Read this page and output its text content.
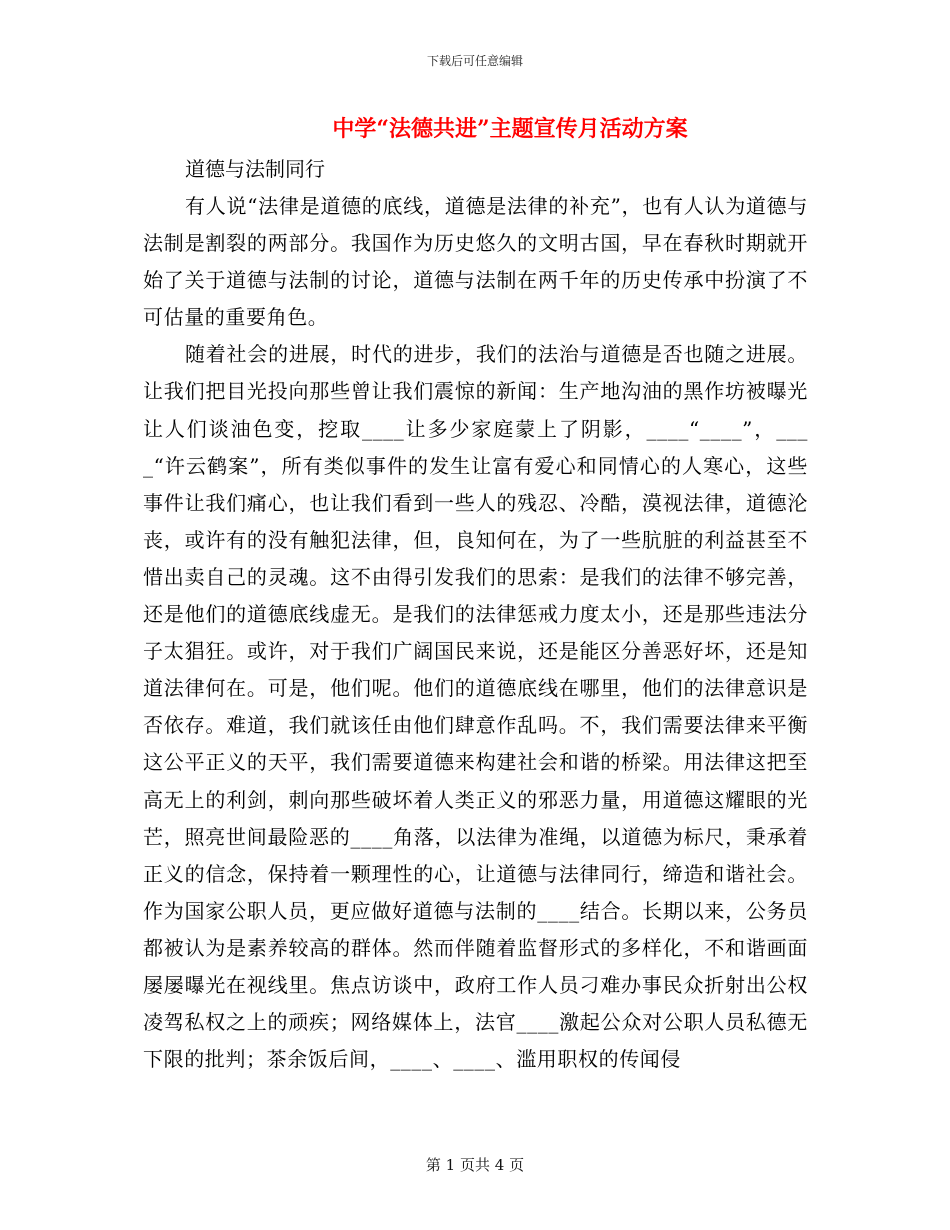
下载后可任意编辑
中学“法德共进”主题宣传月活动方案

道德与法制同行

有人说“法律是道德的底线，道德是法律的补充”，也有人认为道德与法制是割裂的两部分。我国作为历史悠久的文明古国，早在春秋时期就开始了关于道德与法制的讨论，道德与法制在两千年的历史传承中扮演了不可估量的重要角色。

随着社会的进展，时代的进步，我们的法治与道德是否也随之进展。让我们把目光投向那些曾让我们震惊的新闻：生产地沟油的黑作坊被曝光让人们谈油色变，挖取____让多少家庭蒙上了阴影，____“____”，____“许云鹤案”，所有类似事件的发生让富有爱心和同情心的人寒心，这些事件让我们痛心，也让我们看到一些人的残忍、冷酷，漠视法律，道德沦丧，或许有的没有触犯法律，但，良知何在，为了一些肮脏的利益甚至不惜出卖自己的灵魂。这不由得引发我们的思索：是我们的法律不够完善，还是他们的道德底线虚无。是我们的法律惩戒力度太小，还是那些违法分子太猖狂。或许，对于我们广阔国民来说，还是能区分善恶好坏，还是知道法律何在。可是，他们呢。他们的道德底线在哪里，他们的法律意识是否依存。难道，我们就该任由他们肆意作乱吗。不，我们需要法律来平衡这公平正义的天平，我们需要道德来构建社会和谐的桥梁。用法律这把至高无上的利剑，刺向那些破坏着人类正义的邪恶力量，用道德这耀眼的光芒，照亮世间最险恶的____角落，以法律为准绳，以道德为标尺，秉承着正义的信念，保持着一颗理性的心，让道德与法律同行，缔造和谐社会。作为国家公职人员，更应做好道德与法制的____结合。长期以来，公务员都被认为是素养较高的群体。然而伴随着监督形式的多样化，不和谐画面屡屡曝光在视线里。焦点访谈中，政府工作人员刁难办事民众折射出公权凌驾私权之上的顽疾；网络媒体上，法官____激起公众对公职人员私德无下限的批判；茶余饭后间，____、____、滥用职权的传闻侵

第 1 页共 4 页
